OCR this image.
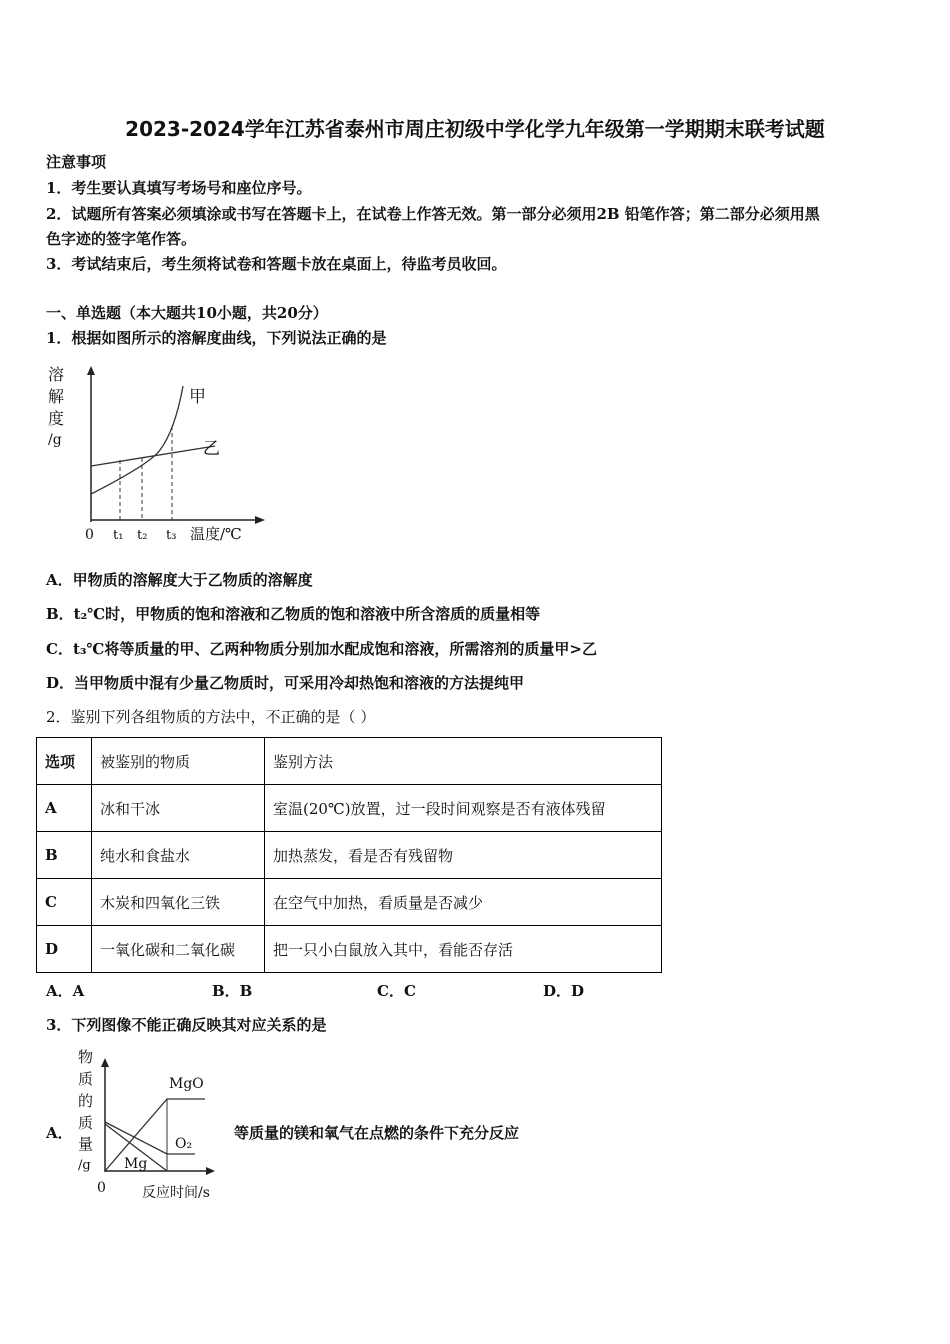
2023-2024学年江苏省泰州市周庄初级中学化学九年级第一学期期末联考试题
注意事项
1．考生要认真填写考场号和座位序号。
2．试题所有答案必须填涂或书写在答题卡上，在试卷上作答无效。第一部分必须用2B 铅笔作答；第二部分必须用黑
色字迹的签字笔作答。
3．考试结束后，考生须将试卷和答题卡放在桌面上，待监考员收回。
一、单选题（本大题共10小题，共20分）
1．根据如图所示的溶解度曲线，下列说法正确的是
溶
解
度
/g
甲
乙
0 t₁ t₂ t₃ 温度/℃
A．甲物质的溶解度大于乙物质的溶解度
B．t₂℃时，甲物质的饱和溶液和乙物质的饱和溶液中所含溶质的质量相等
C．t₃℃将等质量的甲、乙两种物质分别加水配成饱和溶液，所需溶剂的质量甲>乙
D．当甲物质中混有少量乙物质时，可采用冷却热饱和溶液的方法提纯甲
2．鉴别下列各组物质的方法中，不正确的是（ ）
选项	被鉴别的物质	鉴别方法
A	冰和干冰	室温(20℃)放置，过一段时间观察是否有液体残留
B	纯水和食盐水	加热蒸发，看是否有残留物
C	木炭和四氧化三铁	在空气中加热，看质量是否减少
D	一氧化碳和二氧化碳	把一只小白鼠放入其中，看能否存活
A．A	B．B	C．C	D．D
3．下列图像不能正确反映其对应关系的是
A．
物
质
的
质
量
/g
MgO
O₂
Mg
0	反应时间/s
等质量的镁和氧气在点燃的条件下充分反应
